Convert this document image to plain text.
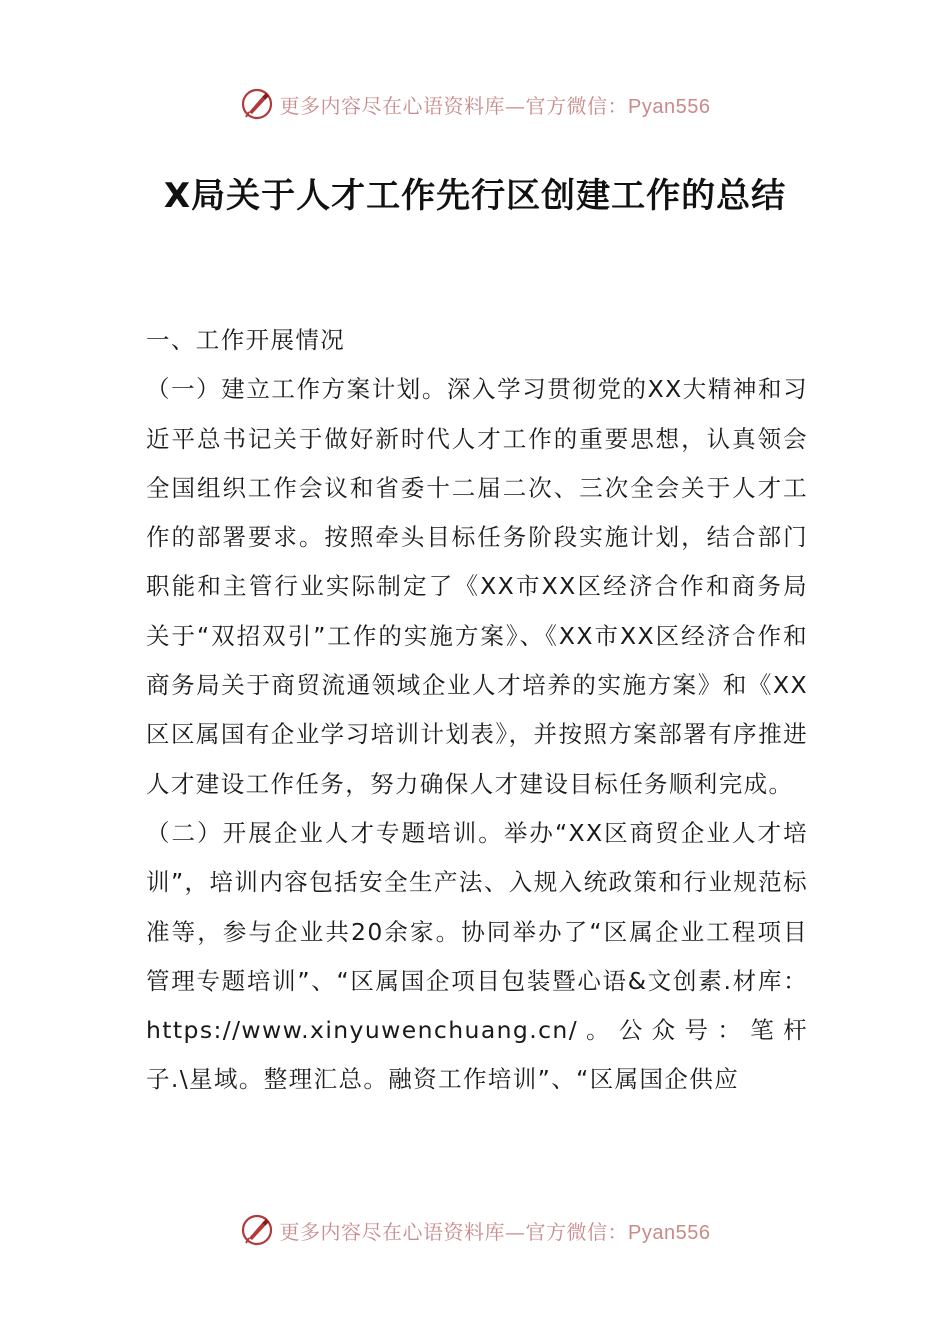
更多内容尽在心语资料库—官方微信：Pyan556
X局关于人才工作先行区创建工作的总结

一、工作开展情况

（一）建立工作方案计划。深入学习贯彻党的XX大精神和习近平总书记关于做好新时代人才工作的重要思想，认真领会全国组织工作会议和省委十二届二次、三次全会关于人才工作的部署要求。按照牵头目标任务阶段实施计划，结合部门职能和主管行业实际制定了《XX市XX区经济合作和商务局关于“双招双引”工作的实施方案》、《XX市XX区经济合作和商务局关于商贸流通领域企业人才培养的实施方案》和《XX区区属国有企业学习培训计划表》，并按照方案部署有序推进人才建设工作任务，努力确保人才建设目标任务顺利完成。

（二）开展企业人才专题培训。举办“XX区商贸企业人才培训”，培训内容包括安全生产法、入规入统政策和行业规范标准等，参与企业共20余家。协同举办了“区属企业工程项目管理专题培训”、“区属国企项目包装暨心语&文创素.材库：https://www.xinyuwenchuang.cn/。公众号：笔杆子.\星域。整理汇总。融资工作培训”、“区属国企供应

更多内容尽在心语资料库—官方微信：Pyan556
